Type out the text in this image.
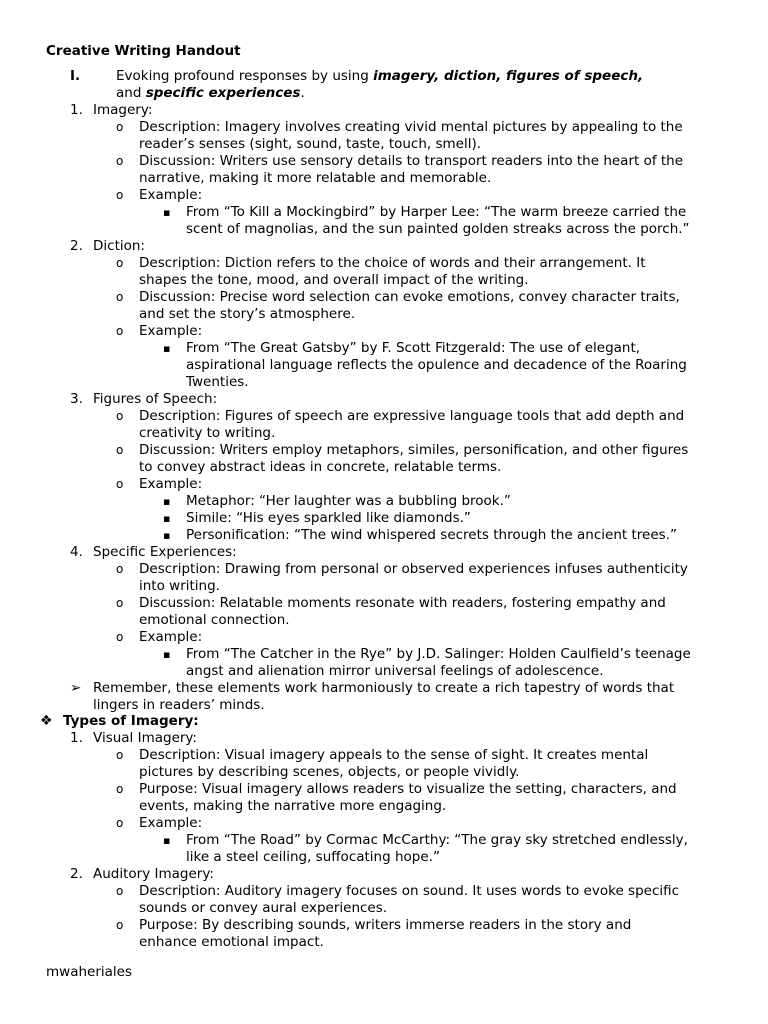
Creative Writing Handout
I.	Evoking profound responses by using imagery, diction, figures of speech,
and specific experiences.
1. Imagery:
o Description: Imagery involves creating vivid mental pictures by appealing to the
reader’s senses (sight, sound, taste, touch, smell).
o Discussion: Writers use sensory details to transport readers into the heart of the
narrative, making it more relatable and memorable.
o Example:
▪ From “To Kill a Mockingbird” by Harper Lee: “The warm breeze carried the
scent of magnolias, and the sun painted golden streaks across the porch.”
2. Diction:
o Description: Diction refers to the choice of words and their arrangement. It
shapes the tone, mood, and overall impact of the writing.
o Discussion: Precise word selection can evoke emotions, convey character traits,
and set the story’s atmosphere.
o Example:
▪ From “The Great Gatsby” by F. Scott Fitzgerald: The use of elegant,
aspirational language reflects the opulence and decadence of the Roaring
Twenties.
3. Figures of Speech:
o Description: Figures of speech are expressive language tools that add depth and
creativity to writing.
o Discussion: Writers employ metaphors, similes, personification, and other figures
to convey abstract ideas in concrete, relatable terms.
o Example:
▪ Metaphor: “Her laughter was a bubbling brook.”
▪ Simile: “His eyes sparkled like diamonds.”
▪ Personification: “The wind whispered secrets through the ancient trees.”
4. Specific Experiences:
o Description: Drawing from personal or observed experiences infuses authenticity
into writing.
o Discussion: Relatable moments resonate with readers, fostering empathy and
emotional connection.
o Example:
▪ From “The Catcher in the Rye” by J.D. Salinger: Holden Caulfield’s teenage
angst and alienation mirror universal feelings of adolescence.
➢ Remember, these elements work harmoniously to create a rich tapestry of words that
lingers in readers’ minds.
❖ Types of Imagery:
1. Visual Imagery:
o Description: Visual imagery appeals to the sense of sight. It creates mental
pictures by describing scenes, objects, or people vividly.
o Purpose: Visual imagery allows readers to visualize the setting, characters, and
events, making the narrative more engaging.
o Example:
▪ From “The Road” by Cormac McCarthy: “The gray sky stretched endlessly,
like a steel ceiling, suffocating hope.”
2. Auditory Imagery:
o Description: Auditory imagery focuses on sound. It uses words to evoke specific
sounds or convey aural experiences.
o Purpose: By describing sounds, writers immerse readers in the story and
enhance emotional impact.
mwaheriales
